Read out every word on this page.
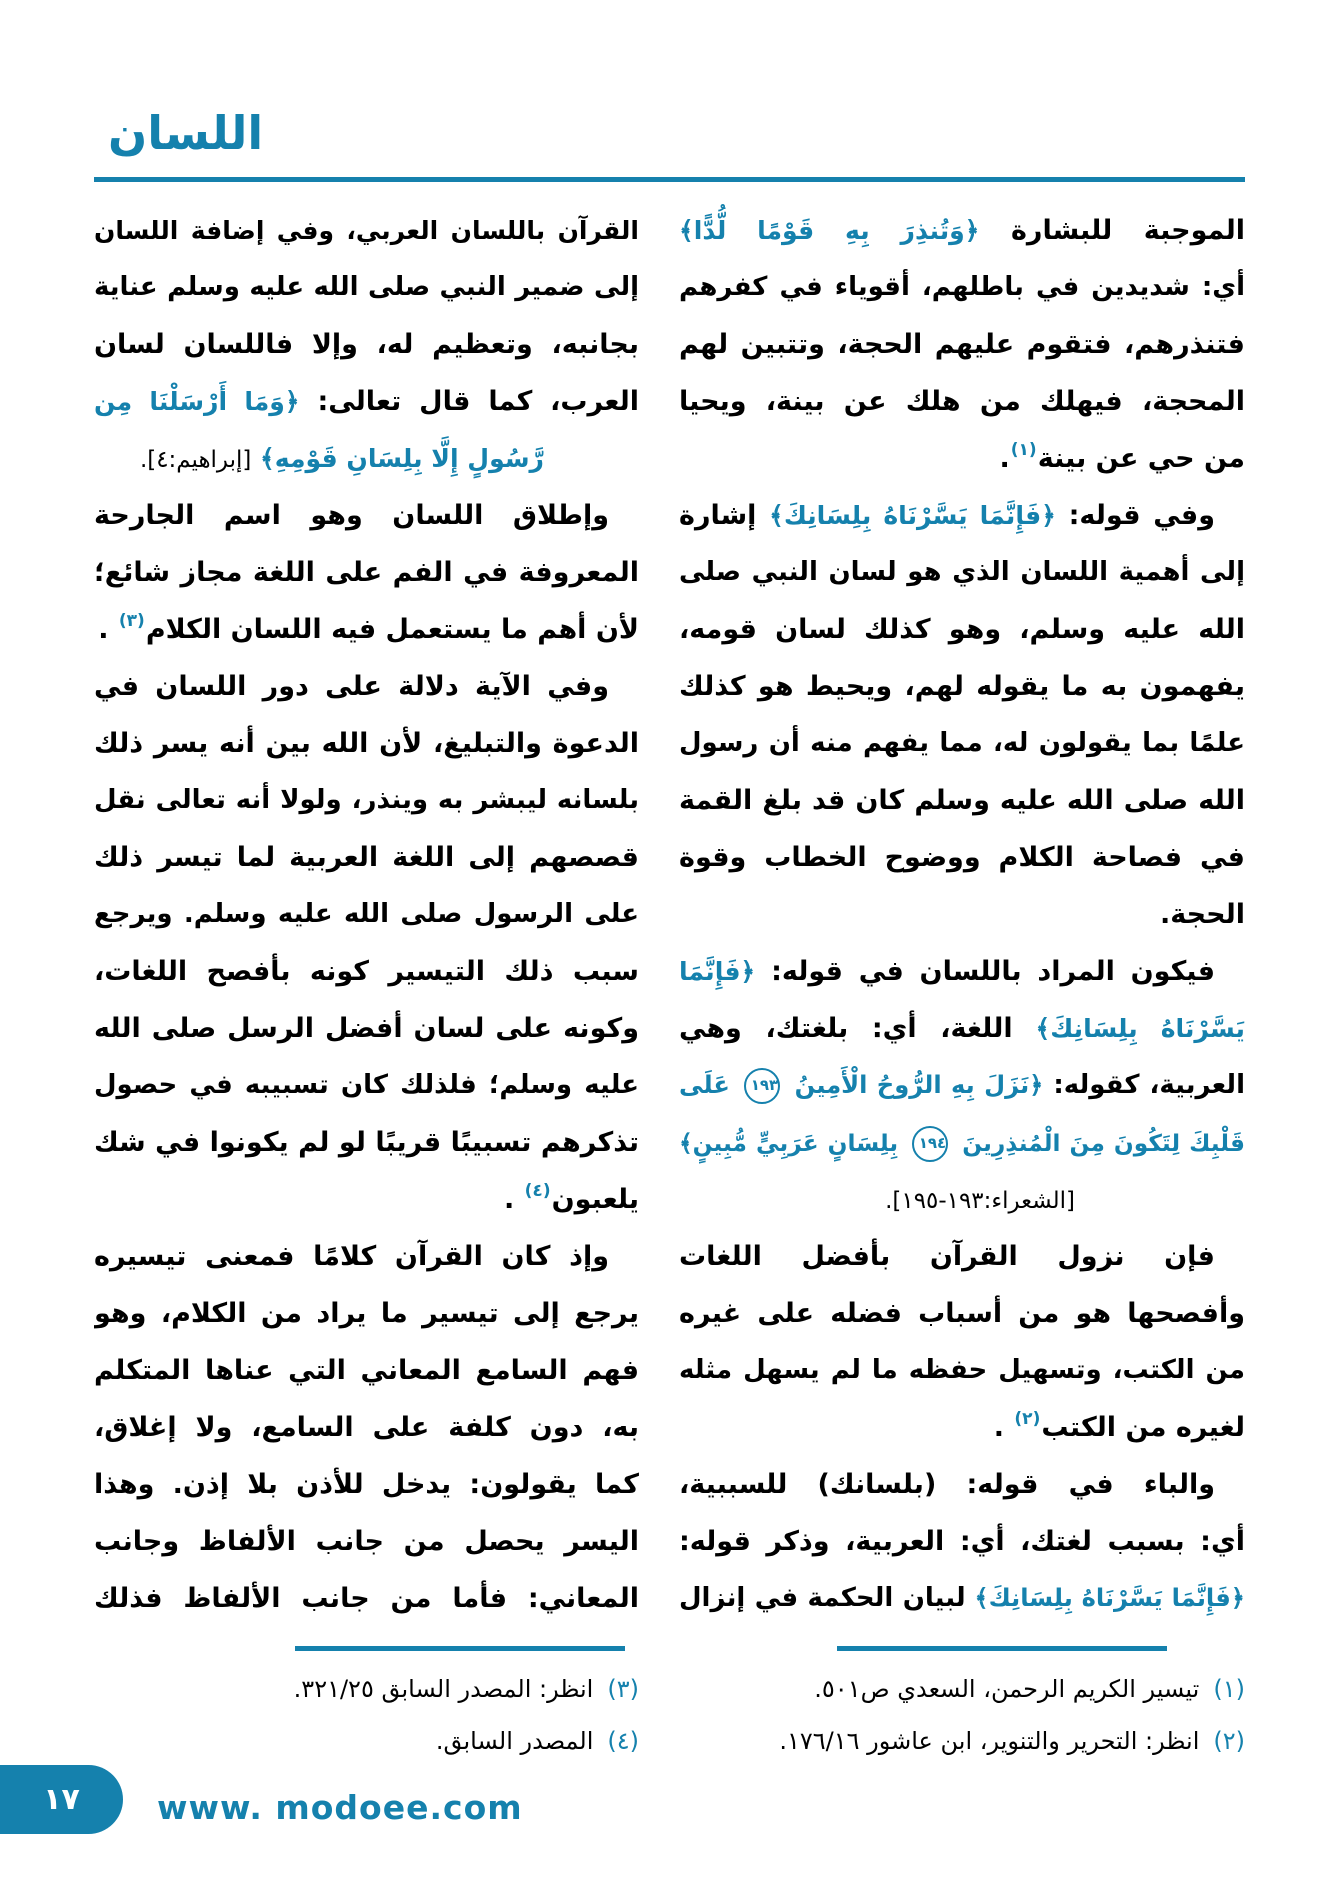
اللسان
الموجبة للبشارة ﴿وَتُنذِرَ بِهِ قَوْمًا لُّدًّا﴾
أي: شديدين في باطلهم، أقوياء في كفرهم
فتنذرهم، فتقوم عليهم الحجة، وتتبين لهم
المحجة، فيهلك من هلك عن بينة، ويحيا
من حي عن بينة$^{(١)}$.
وفي قوله: ﴿فَإِنَّمَا يَسَّرْنَاهُ بِلِسَانِكَ﴾ إشارة
إلى أهمية اللسان الذي هو لسان النبي صلى
الله عليه وسلم، وهو كذلك لسان قومه،
يفهمون به ما يقوله لهم، ويحيط هو كذلك
علمًا بما يقولون له، مما يفهم منه أن رسول
الله صلى الله عليه وسلم كان قد بلغ القمة
في فصاحة الكلام ووضوح الخطاب وقوة
الحجة.
فيكون المراد باللسان في قوله: ﴿فَإِنَّمَا
يَسَّرْنَاهُ بِلِسَانِكَ﴾ اللغة، أي: بلغتك، وهي
العربية، كقوله: ﴿نَزَلَ بِهِ الرُّوحُ الْأَمِينُ ١٩٣ عَلَى
قَلْبِكَ لِتَكُونَ مِنَ الْمُنذِرِينَ ١٩٤ بِلِسَانٍ عَرَبِيٍّ مُّبِينٍ﴾
[الشعراء:١٩٣-١٩٥].
فإن نزول القرآن بأفضل اللغات
وأفصحها هو من أسباب فضله على غيره
من الكتب، وتسهيل حفظه ما لم يسهل مثله
لغيره من الكتب$^{(٢)}$ .
والباء في قوله: (بلسانك) للسببية،
أي: بسبب لغتك، أي: العربية، وذكر قوله:
﴿فَإِنَّمَا يَسَّرْنَاهُ بِلِسَانِكَ﴾ لبيان الحكمة في إنزال
القرآن باللسان العربي، وفي إضافة اللسان
إلى ضمير النبي صلى الله عليه وسلم عناية
بجانبه، وتعظيم له، وإلا فاللسان لسان
العرب، كما قال تعالى: ﴿وَمَا أَرْسَلْنَا مِن
رَّسُولٍ إِلَّا بِلِسَانِ قَوْمِهِ﴾ [إبراهيم:٤].
وإطلاق اللسان وهو اسم الجارحة
المعروفة في الفم على اللغة مجاز شائع؛
لأن أهم ما يستعمل فيه اللسان الكلام$^{(٣)}$ .
وفي الآية دلالة على دور اللسان في
الدعوة والتبليغ، لأن الله بين أنه يسر ذلك
بلسانه ليبشر به وينذر، ولولا أنه تعالى نقل
قصصهم إلى اللغة العربية لما تيسر ذلك
على الرسول صلى الله عليه وسلم. ويرجع
سبب ذلك التيسير كونه بأفصح اللغات،
وكونه على لسان أفضل الرسل صلى الله
عليه وسلم؛ فلذلك كان تسبيبه في حصول
تذكرهم تسبيبًا قريبًا لو لم يكونوا في شك
يلعبون$^{(٤)}$ .
وإذ كان القرآن كلامًا فمعنى تيسيره
يرجع إلى تيسير ما يراد من الكلام، وهو
فهم السامع المعاني التي عناها المتكلم
به، دون كلفة على السامع، ولا إغلاق،
كما يقولون: يدخل للأذن بلا إذن. وهذا
اليسر يحصل من جانب الألفاظ وجانب
المعاني: فأما من جانب الألفاظ فذلك
(١)تيسير الكريم الرحمن، السعدي ص٥٠١.
(٢)انظر: التحرير والتنوير، ابن عاشور ١٧٦/١٦.
(٣)انظر: المصدر السابق ٣٢١/٢٥.
(٤)المصدر السابق.
١٧ www. modoee.com
